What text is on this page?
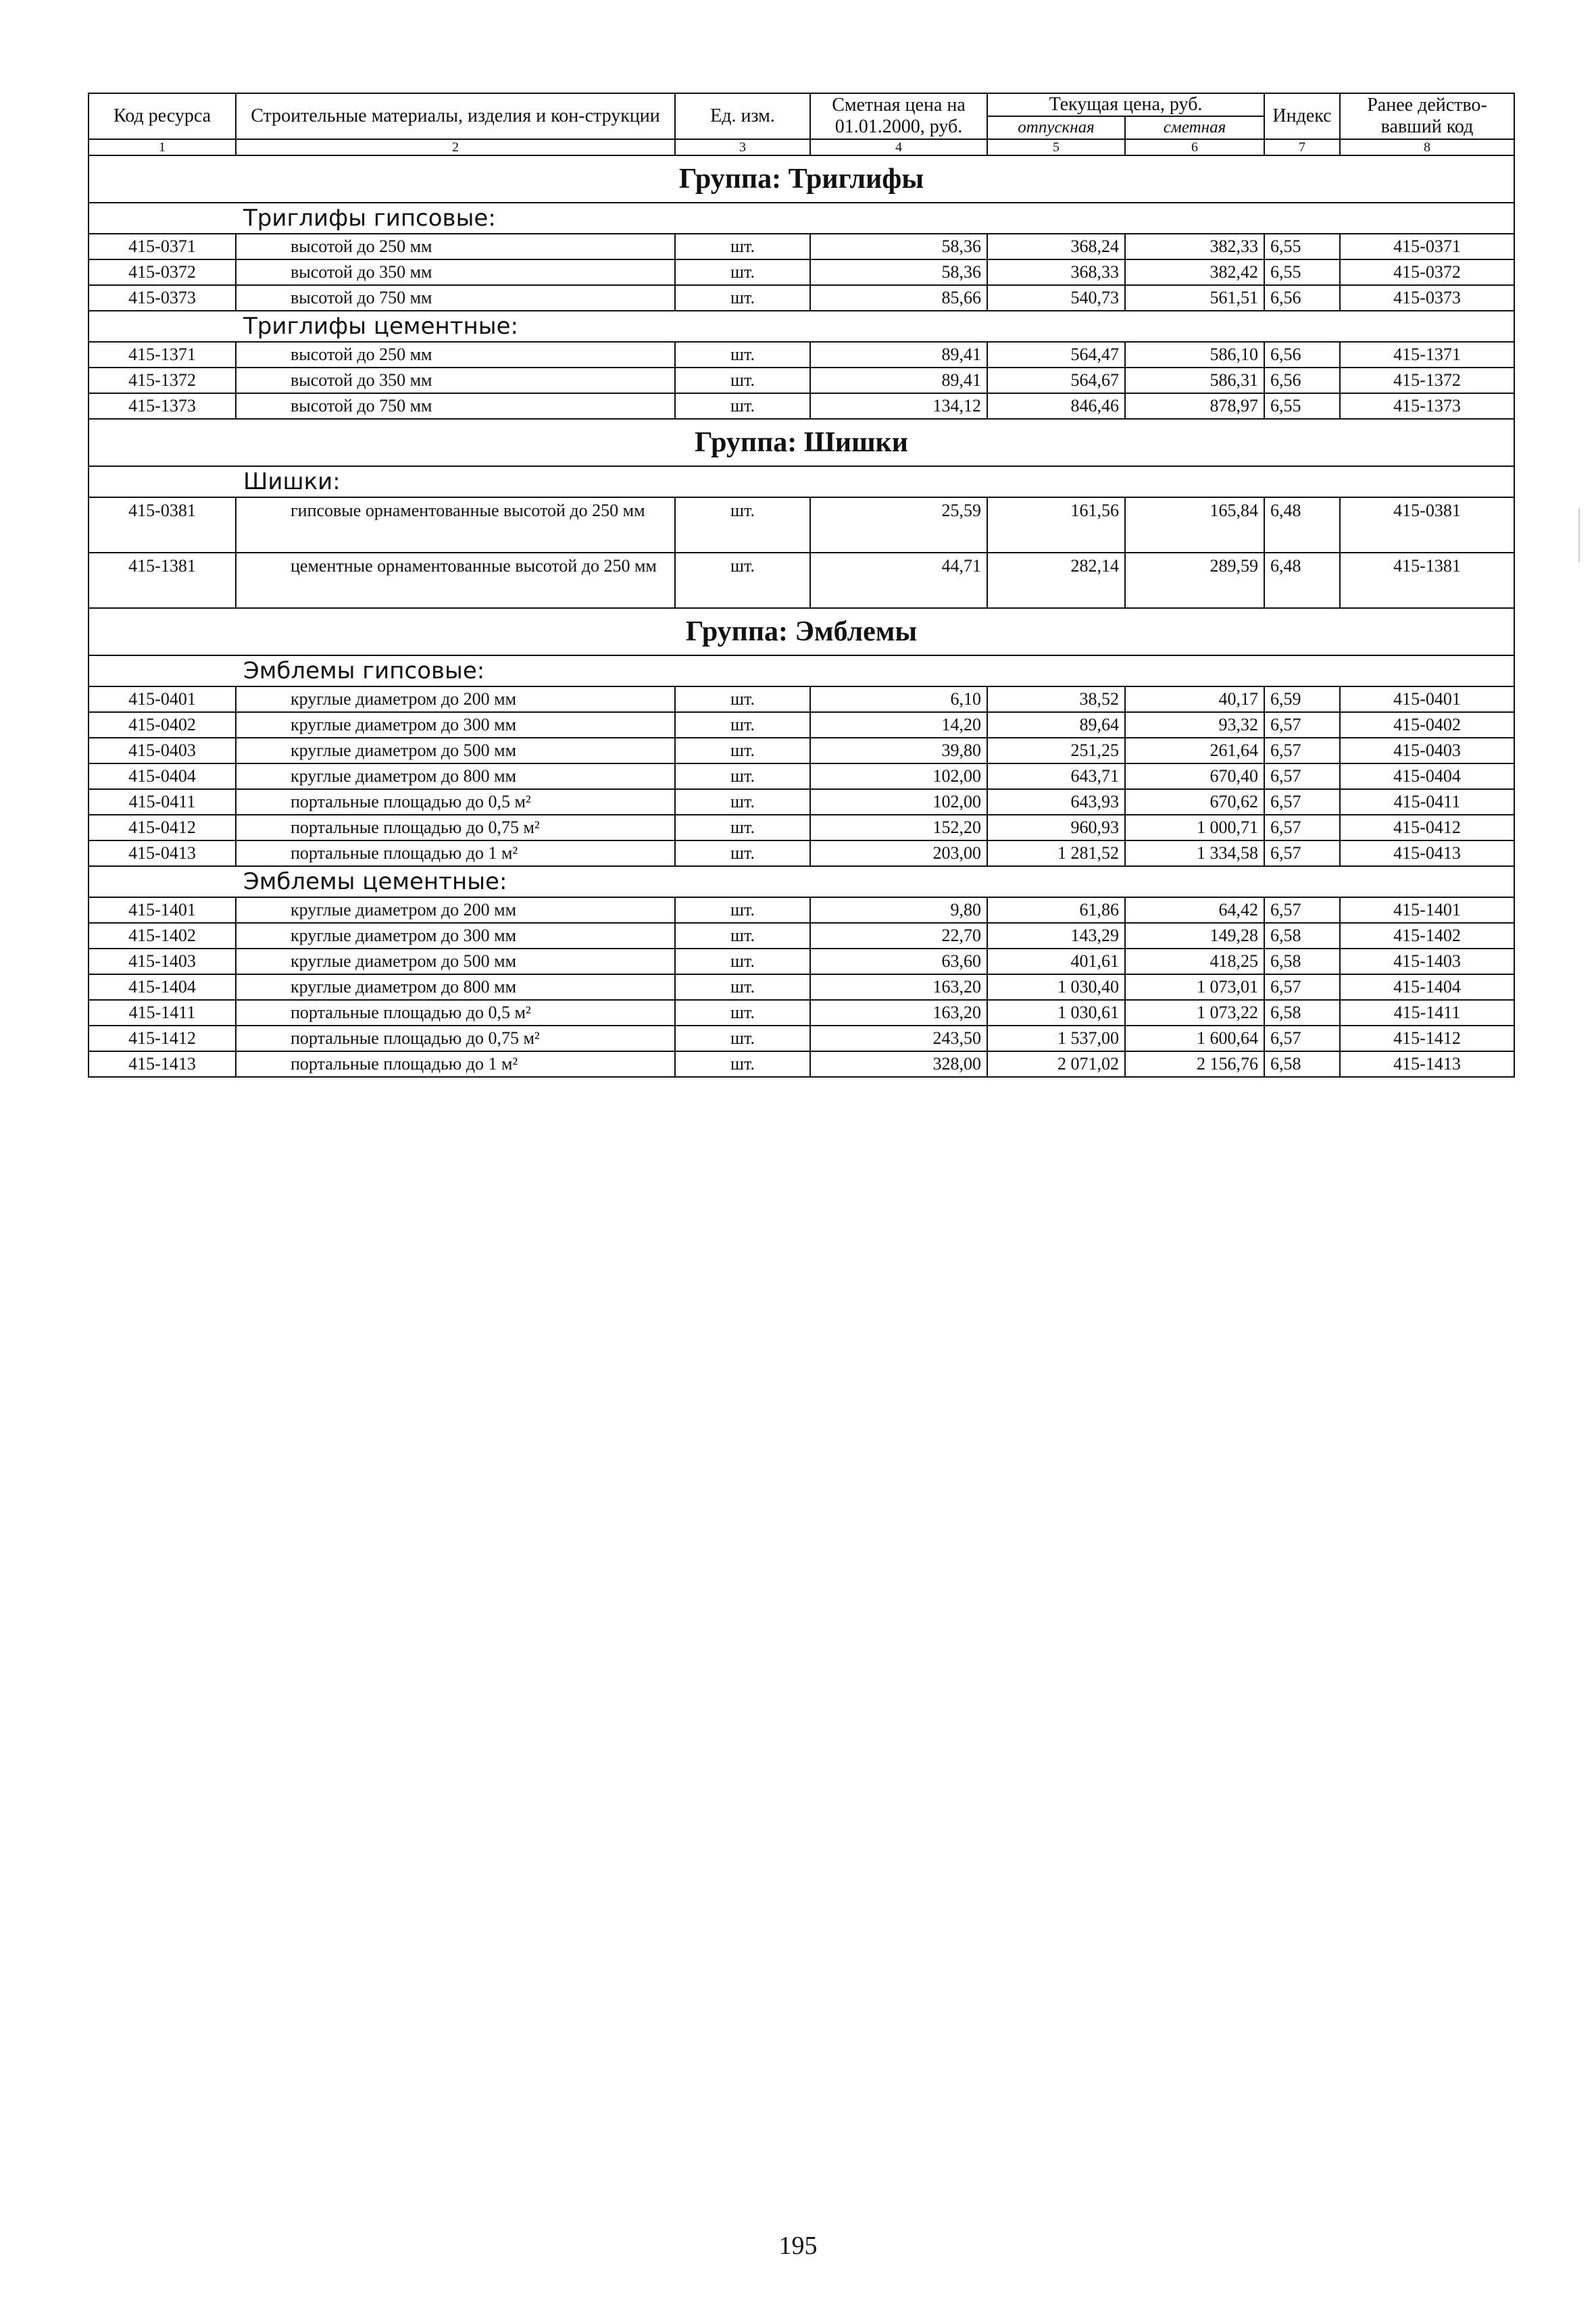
Код ресурса	Строительные материалы, изделия и кон-струкции	Ед. изм.	Сметная цена на 01.01.2000, руб.	Текущая цена, руб.		Индекс	Ранее действо-вавший код
				отпускная	сметная		
1	2	3	4	5	6	7	8
Группа: Триглифы							
Триглифы гипсовые:							
415-0371	высотой до 250 мм	шт.	58,36	368,24	382,33	6,55	415-0371
415-0372	высотой до 350 мм	шт.	58,36	368,33	382,42	6,55	415-0372
415-0373	высотой до 750 мм	шт.	85,66	540,73	561,51	6,56	415-0373
Триглифы цементные:							
415-1371	высотой до 250 мм	шт.	89,41	564,47	586,10	6,56	415-1371
415-1372	высотой до 350 мм	шт.	89,41	564,67	586,31	6,56	415-1372
415-1373	высотой до 750 мм	шт.	134,12	846,46	878,97	6,55	415-1373
Группа: Шишки							
Шишки:							
415-0381	гипсовые орнаментованные высотой до 250 мм	шт.	25,59	161,56	165,84	6,48	415-0381
415-1381	цементные орнаментованные высотой до 250 мм	шт.	44,71	282,14	289,59	6,48	415-1381
Группа: Эмблемы							
Эмблемы гипсовые:							
415-0401	круглые диаметром до 200 мм	шт.	6,10	38,52	40,17	6,59	415-0401
415-0402	круглые диаметром до 300 мм	шт.	14,20	89,64	93,32	6,57	415-0402
415-0403	круглые диаметром до 500 мм	шт.	39,80	251,25	261,64	6,57	415-0403
415-0404	круглые диаметром до 800 мм	шт.	102,00	643,71	670,40	6,57	415-0404
415-0411	портальные площадью до 0,5 м²	шт.	102,00	643,93	670,62	6,57	415-0411
415-0412	портальные площадью до 0,75 м²	шт.	152,20	960,93	1 000,71	6,57	415-0412
415-0413	портальные площадью до 1 м²	шт.	203,00	1 281,52	1 334,58	6,57	415-0413
Эмблемы цементные:							
415-1401	круглые диаметром до 200 мм	шт.	9,80	61,86	64,42	6,57	415-1401
415-1402	круглые диаметром до 300 мм	шт.	22,70	143,29	149,28	6,58	415-1402
415-1403	круглые диаметром до 500 мм	шт.	63,60	401,61	418,25	6,58	415-1403
415-1404	круглые диаметром до 800 мм	шт.	163,20	1 030,40	1 073,01	6,57	415-1404
415-1411	портальные площадью до 0,5 м²	шт.	163,20	1 030,61	1 073,22	6,58	415-1411
415-1412	портальные площадью до 0,75 м²	шт.	243,50	1 537,00	1 600,64	6,57	415-1412
415-1413	портальные площадью до 1 м²	шт.	328,00	2 071,02	2 156,76	6,58	415-1413
195
